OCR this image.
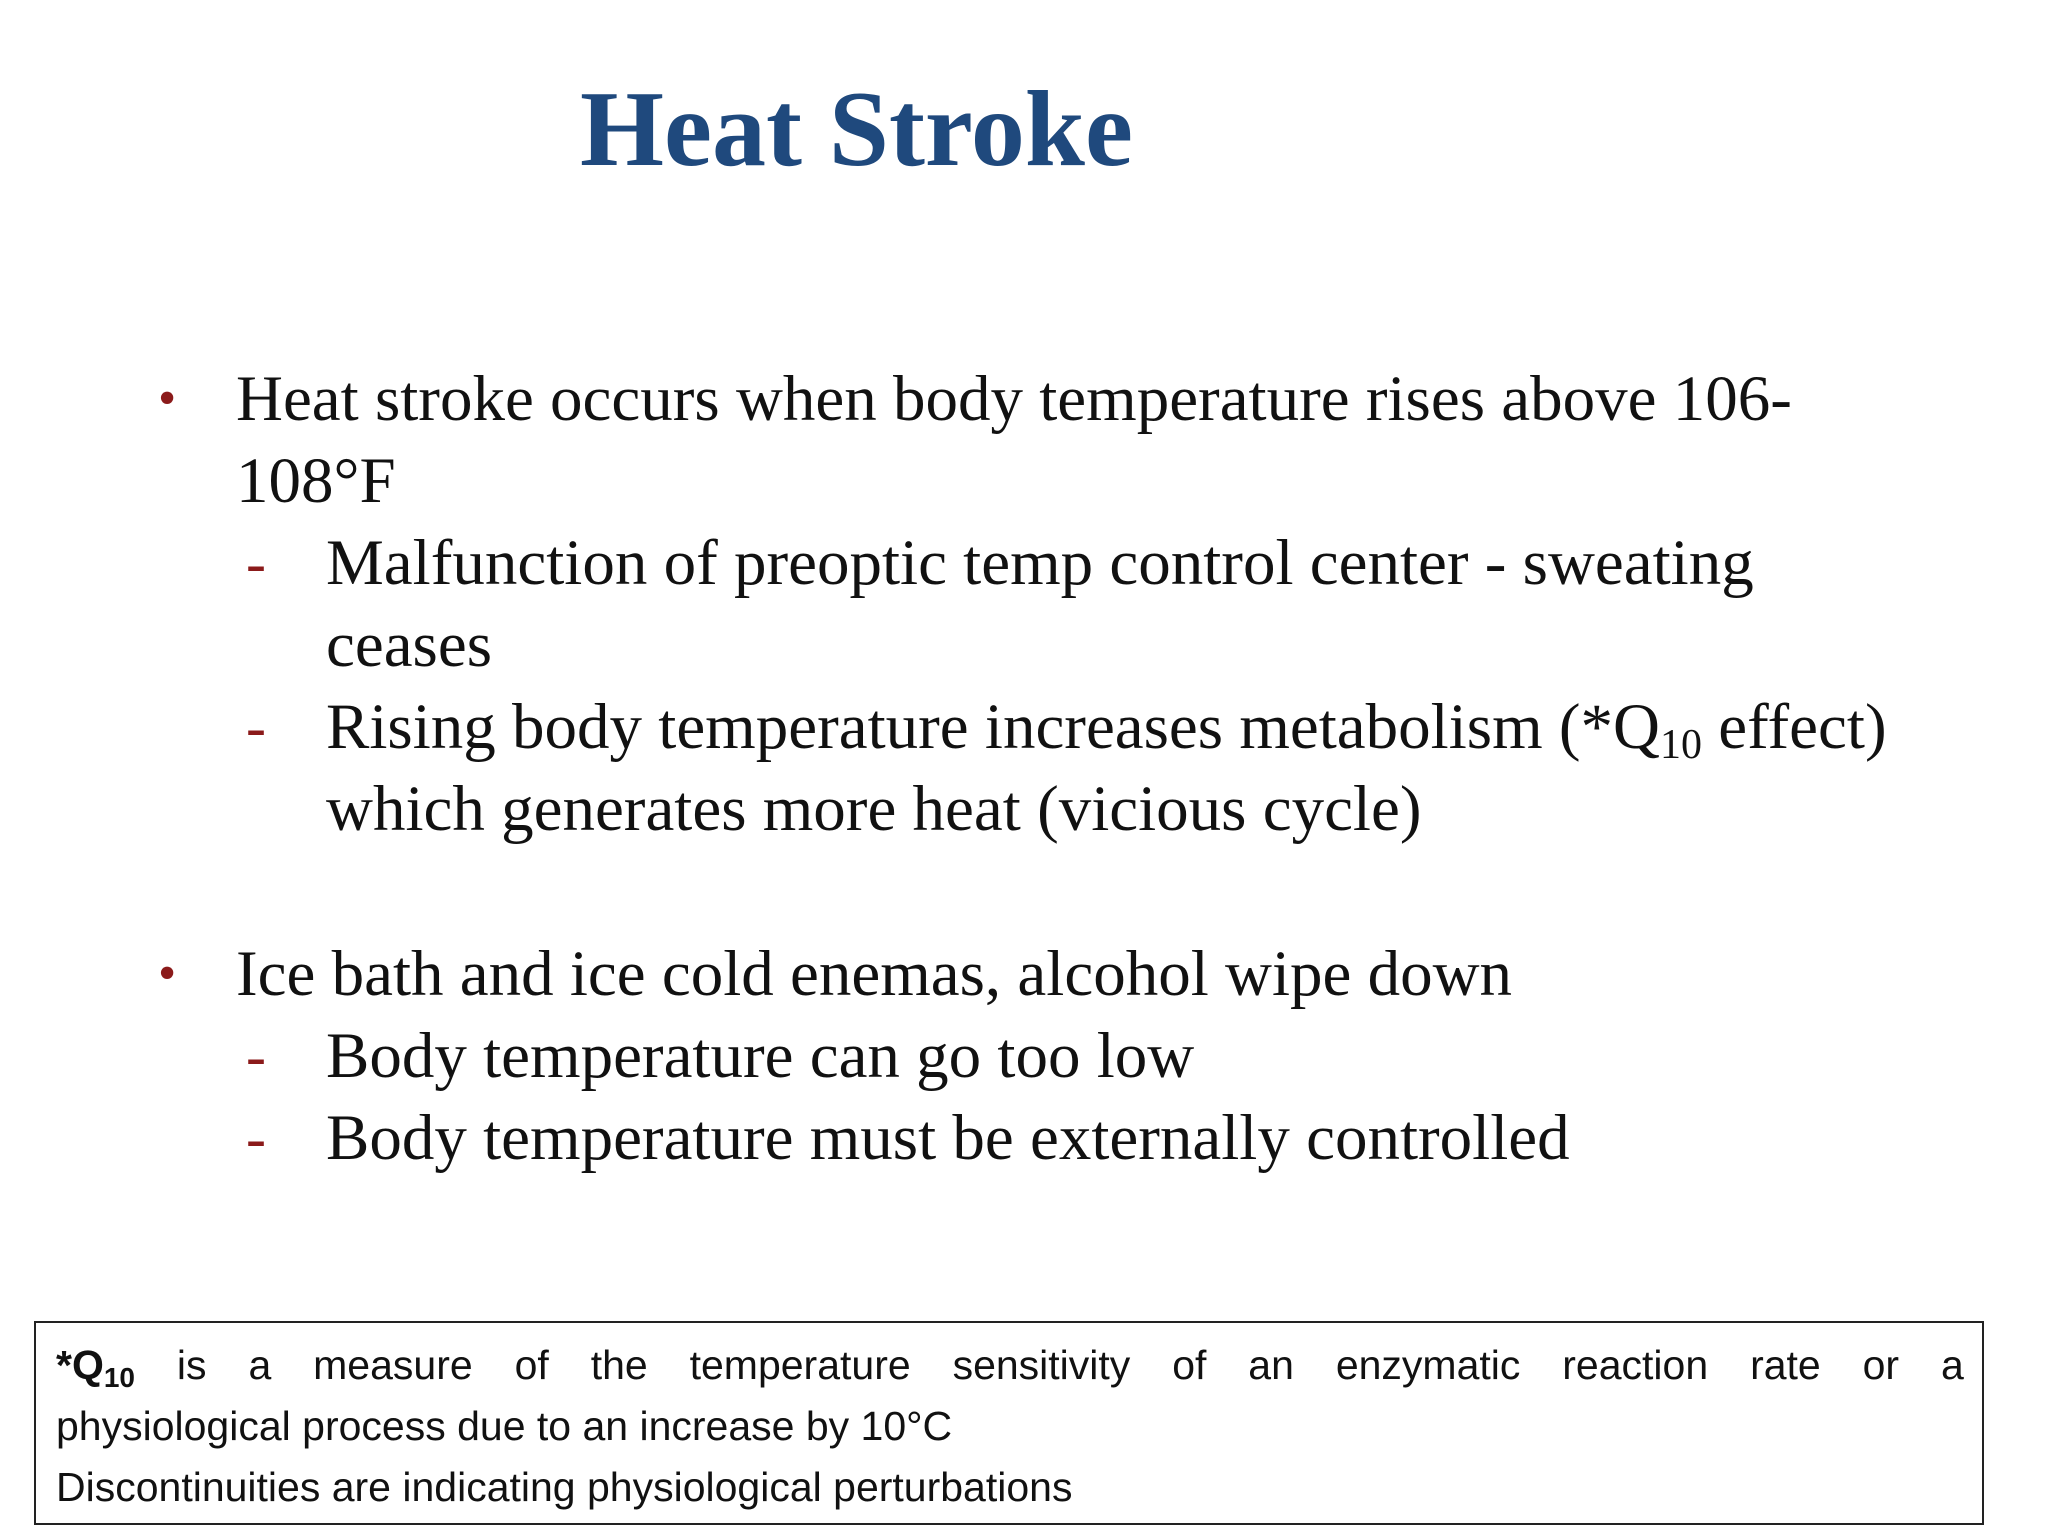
Heat Stroke
• Heat stroke occurs when body temperature rises above 106-108°F
- Malfunction of preoptic temp control center - sweating ceases
- Rising body temperature increases metabolism ($*Q_{10}$ effect) which generates more heat (vicious cycle)
• Ice bath and ice cold enemas, alcohol wipe down
- Body temperature can go too low
- Body temperature must be externally controlled
*Q10 is a measure of the temperature sensitivity of an enzymatic reaction rate or a
physiological process due to an increase by 10°C
Discontinuities are indicating physiological perturbations
